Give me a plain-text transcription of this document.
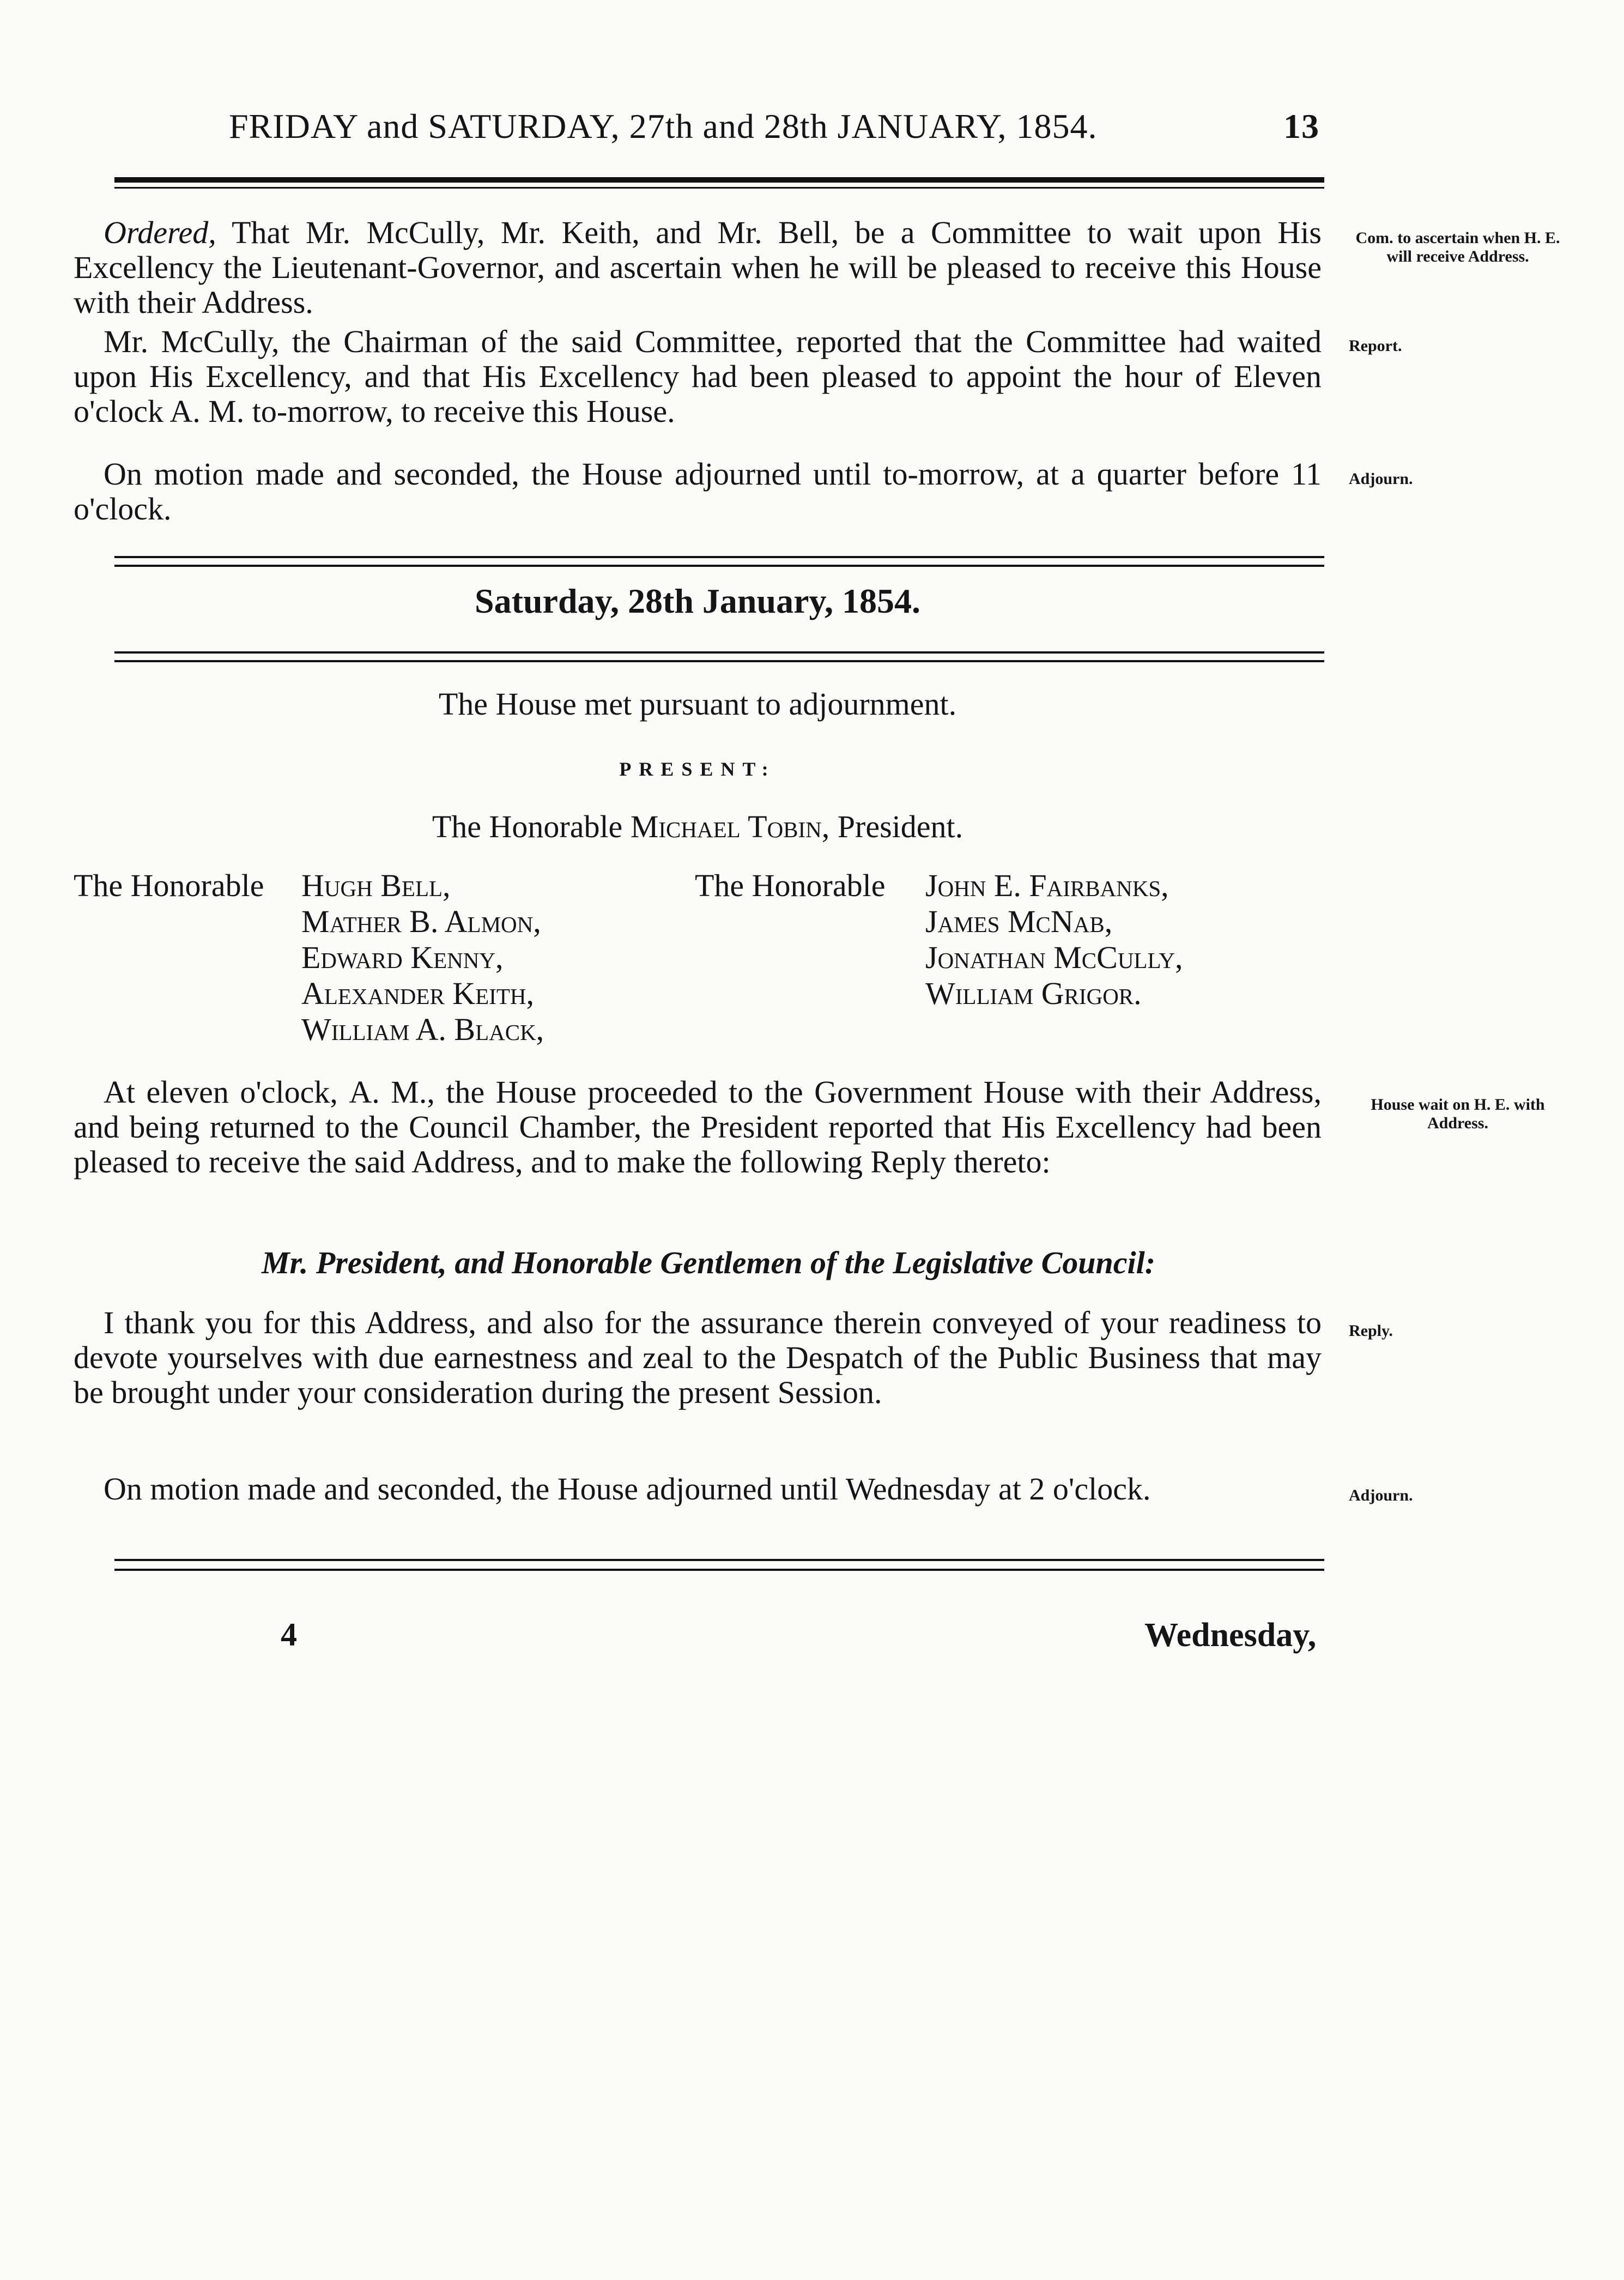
FRIDAY and SATURDAY, 27th and 28th JANUARY, 1854.	13
Ordered, That Mr. McCully, Mr. Keith, and Mr. Bell, be a Committee to wait upon His Excellency the Lieutenant-Governor, and ascertain when he will be pleased to receive this House with their Address.
Com. to ascertain when H. E. will receive Address.
Mr. McCully, the Chairman of the said Committee, reported that the Committee had waited upon His Excellency, and that His Excellency had been pleased to appoint the hour of Eleven o'clock A. M. to-morrow, to receive this House.
Report.
On motion made and seconded, the House adjourned until to-morrow, at a quarter before 11 o'clock.
Adjourn.
Saturday, 28th January, 1854.
The House met pursuant to adjournment.
PRESENT:
The Honorable Michael Tobin, President.
The Honorable Hugh Bell,
Mather B. Almon,
Edward Kenny,
Alexander Keith,
William A. Black,
The Honorable John E. Fairbanks,
James McNab,
Jonathan McCully,
William Grigor.
At eleven o'clock, A. M., the House proceeded to the Government House with their Address, and being returned to the Council Chamber, the President reported that His Excellency had been pleased to receive the said Address, and to make the following Reply thereto:
House wait on H. E. with Address.
Mr. President, and Honorable Gentlemen of the Legislative Council:
I thank you for this Address, and also for the assurance therein conveyed of your readiness to devote yourselves with due earnestness and zeal to the Despatch of the Public Business that may be brought under your consideration during the present Session.
Reply.
On motion made and seconded, the House adjourned until Wednesday at 2 o'clock.	Adjourn.
4	Wednesday,
